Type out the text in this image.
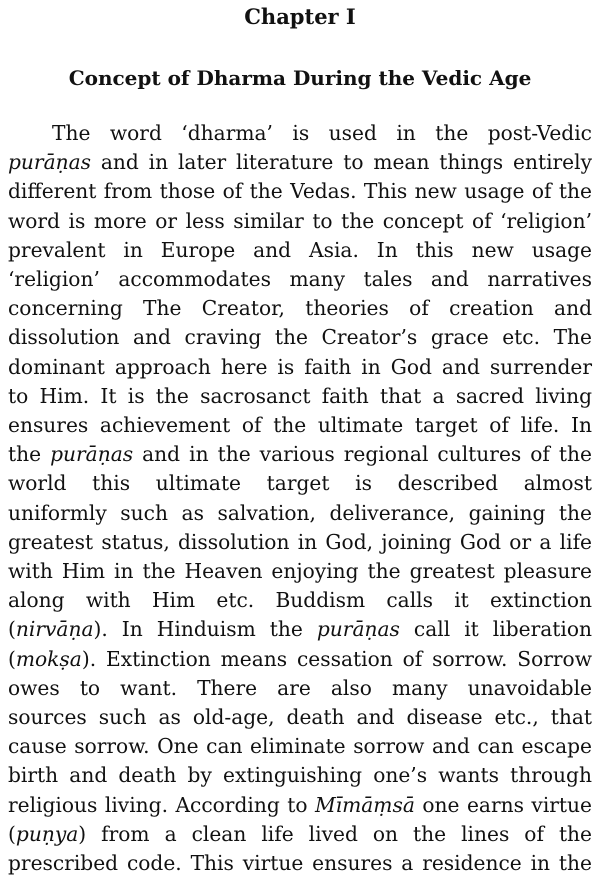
Chapter I
Concept of Dharma During the Vedic Age
The word ‘dharma’ is used in the post-Vedic
purāṇas and in later literature to mean things entirely
different from those of the Vedas. This new usage of the
word is more or less similar to the concept of ‘religion’
prevalent in Europe and Asia. In this new usage
‘religion’ accommodates many tales and narratives
concerning The Creator, theories of creation and
dissolution and craving the Creator’s grace etc. The
dominant approach here is faith in God and surrender
to Him. It is the sacrosanct faith that a sacred living
ensures achievement of the ultimate target of life. In
the purāṇas and in the various regional cultures of the
world this ultimate target is described almost
uniformly such as salvation, deliverance, gaining the
greatest status, dissolution in God, joining God or a life
with Him in the Heaven enjoying the greatest pleasure
along with Him etc. Buddism calls it extinction
(nirvāṇa). In Hinduism the purāṇas call it liberation
(mokṣa). Extinction means cessation of sorrow. Sorrow
owes to want. There are also many unavoidable
sources such as old-age, death and disease etc., that
cause sorrow. One can eliminate sorrow and can escape
birth and death by extinguishing one’s wants through
religious living. According to Mīmāṃsā one earns virtue
(puṇya) from a clean life lived on the lines of the
prescribed code. This virtue ensures a residence in the
